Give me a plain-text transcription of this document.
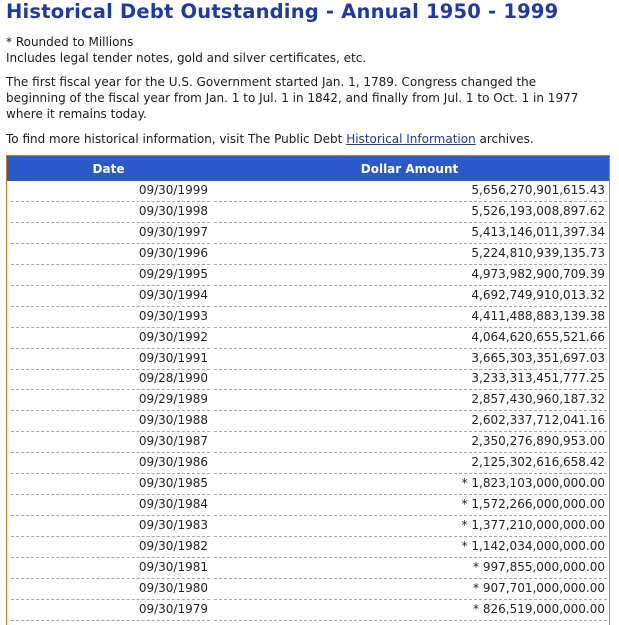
Historical Debt Outstanding - Annual 1950 - 1999
* Rounded to Millions
Includes legal tender notes, gold and silver certificates, etc.
The first fiscal year for the U.S. Government started Jan. 1, 1789. Congress changed the
beginning of the fiscal year from Jan. 1 to Jul. 1 in 1842, and finally from Jul. 1 to Oct. 1 in 1977
where it remains today.
To find more historical information, visit The Public Debt Historical Information archives.
Date	Dollar Amount
09/30/1999	5,656,270,901,615.43
09/30/1998	5,526,193,008,897.62
09/30/1997	5,413,146,011,397.34
09/30/1996	5,224,810,939,135.73
09/29/1995	4,973,982,900,709.39
09/30/1994	4,692,749,910,013.32
09/30/1993	4,411,488,883,139.38
09/30/1992	4,064,620,655,521.66
09/30/1991	3,665,303,351,697.03
09/28/1990	3,233,313,451,777.25
09/29/1989	2,857,430,960,187.32
09/30/1988	2,602,337,712,041.16
09/30/1987	2,350,276,890,953.00
09/30/1986	2,125,302,616,658.42
09/30/1985	* 1,823,103,000,000.00
09/30/1984	* 1,572,266,000,000.00
09/30/1983	* 1,377,210,000,000.00
09/30/1982	* 1,142,034,000,000.00
09/30/1981	* 997,855,000,000.00
09/30/1980	* 907,701,000,000.00
09/30/1979	* 826,519,000,000.00
